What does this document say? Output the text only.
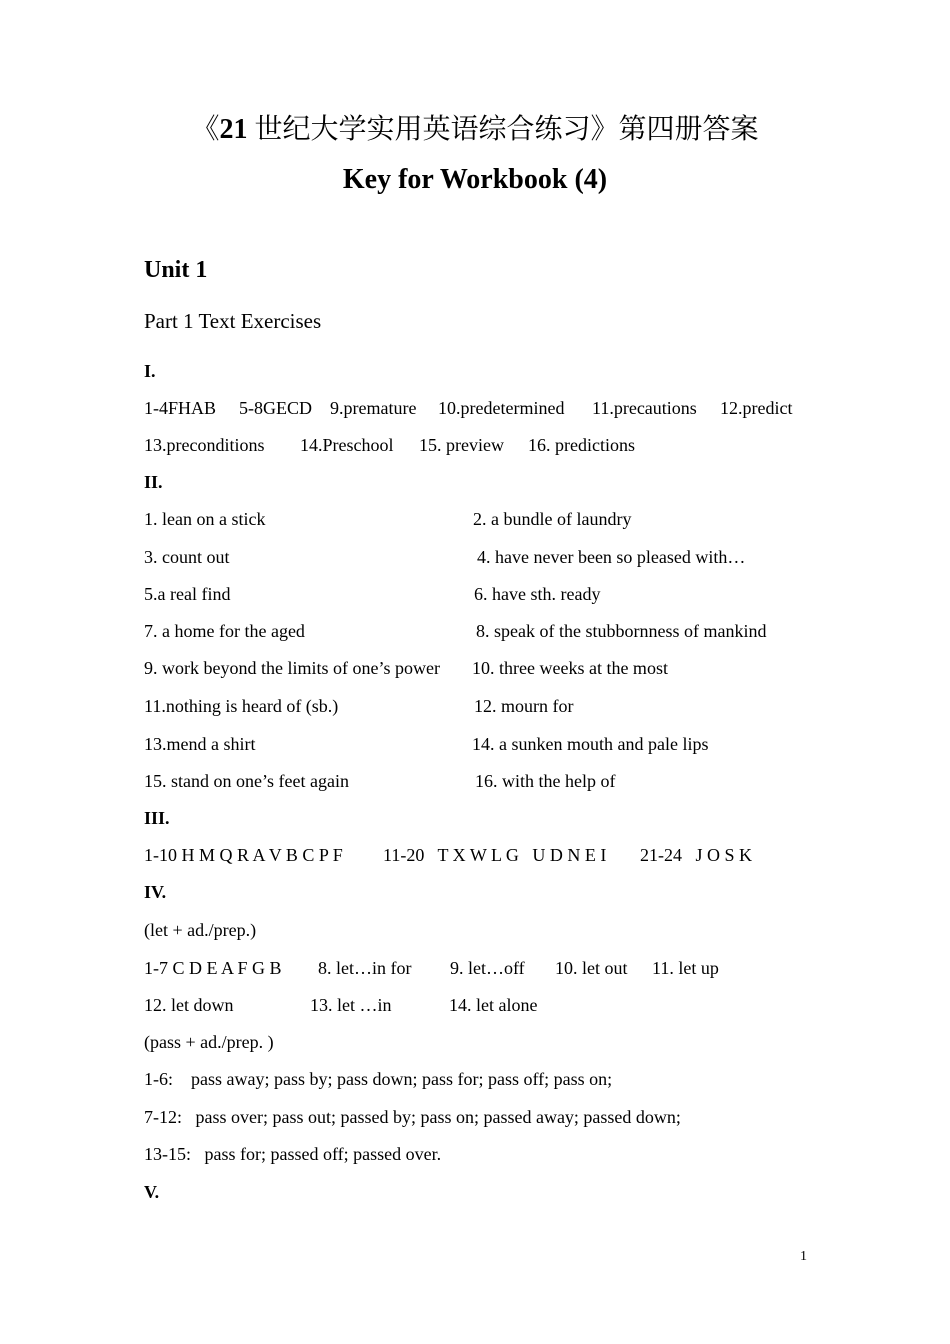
《21 世纪大学实用英语综合练习》第四册答案
Key for Workbook (4)
Unit 1
Part 1 Text Exercises
I.
1-4FHAB 5-8GECD 9.premature 10.predetermined 11.precautions 12.predict
13.preconditions 14.Preschool 15. preview 16. predictions
II.
1. lean on a stick	2. a bundle of laundry
3. count out	4. have never been so pleased with…
5.a real find	6. have sth. ready
7. a home for the aged	8. speak of the stubbornness of mankind
9. work beyond the limits of one’s power 10. three weeks at the most
11.nothing is heard of (sb.)	12. mourn for
13.mend a shirt	14. a sunken mouth and pale lips
15. stand on one’s feet again	16. with the help of
III.
1-10 H M Q R A V B C P F 11-20   T X W L G   U D N E I 21-24   J O S K
IV.
(let + ad./prep.)
1-7 C D E A F G B 8. let…in for 9. let…off 10. let out 11. let up
12. let down	13. let …in	14. let alone
(pass + ad./prep. )
1-6:    pass away; pass by; pass down; pass for; pass off; pass on;
7-12:   pass over; pass out; passed by; pass on; passed away; passed down;
13-15:   pass for; passed off; passed over.
V.
1
